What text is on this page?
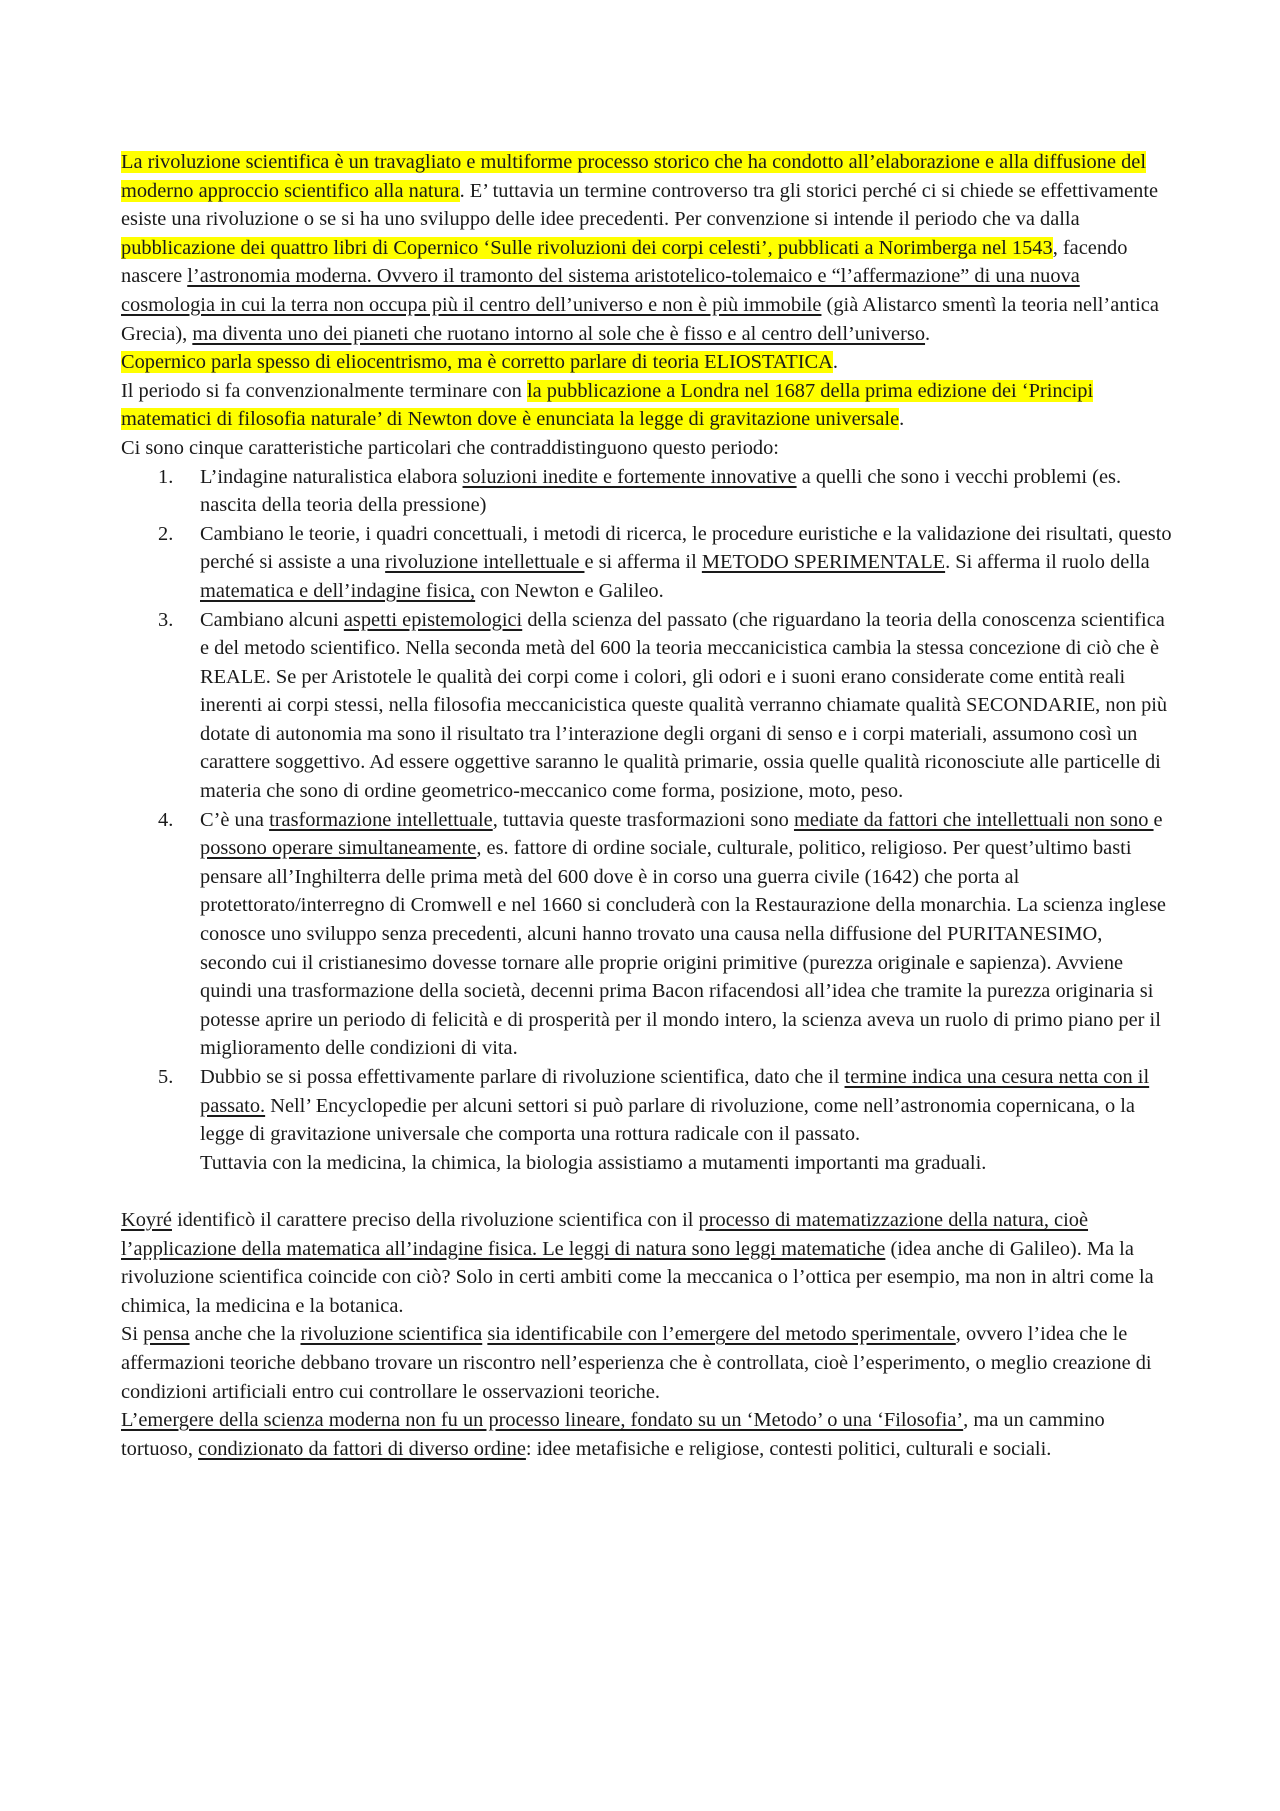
La rivoluzione scientifica è un travagliato e multiforme processo storico che ha condotto all’elaborazione e alla diffusione del moderno approccio scientifico alla natura. E’ tuttavia un termine controverso tra gli storici perché ci si chiede se effettivamente esiste una rivoluzione o se si ha uno sviluppo delle idee precedenti. Per convenzione si intende il periodo che va dalla pubblicazione dei quattro libri di Copernico ‘Sulle rivoluzioni dei corpi celesti’, pubblicati a Norimberga nel 1543, facendo nascere l’astronomia moderna. Ovvero il tramonto del sistema aristotelico-tolemaico e “l’affermazione” di una nuova cosmologia in cui la terra non occupa più il centro dell’universo e non è più immobile (già Alistarco smentì la teoria nell’antica Grecia), ma diventa uno dei pianeti che ruotano intorno al sole che è fisso e al centro dell’universo.

Copernico parla spesso di eliocentrismo, ma è corretto parlare di teoria ELIOSTATICA.

Il periodo si fa convenzionalmente terminare con la pubblicazione a Londra nel 1687 della prima edizione dei ‘Principi matematici di filosofia naturale’ di Newton dove è enunciata la legge di gravitazione universale.

Ci sono cinque caratteristiche particolari che contraddistinguono questo periodo:

1. L’indagine naturalistica elabora soluzioni inedite e fortemente innovative a quelli che sono i vecchi problemi (es. nascita della teoria della pressione)
2. Cambiano le teorie, i quadri concettuali, i metodi di ricerca, le procedure euristiche e la validazione dei risultati, questo perché si assiste a una rivoluzione intellettuale e si afferma il METODO SPERIMENTALE. Si afferma il ruolo della matematica e dell’indagine fisica, con Newton e Galileo.
3. Cambiano alcuni aspetti epistemologici della scienza del passato (che riguardano la teoria della conoscenza scientifica e del metodo scientifico. Nella seconda metà del 600 la teoria meccanicistica cambia la stessa concezione di ciò che è REALE. Se per Aristotele le qualità dei corpi come i colori, gli odori e i suoni erano considerate come entità reali inerenti ai corpi stessi, nella filosofia meccanicistica queste qualità verranno chiamate qualità SECONDARIE, non più dotate di autonomia ma sono il risultato tra l’interazione degli organi di senso e i corpi materiali, assumono così un carattere soggettivo. Ad essere oggettive saranno le qualità primarie, ossia quelle qualità riconosciute alle particelle di materia che sono di ordine geometrico-meccanico come forma, posizione, moto, peso.
4. C’è una trasformazione intellettuale, tuttavia queste trasformazioni sono mediate da fattori che intellettuali non sono e possono operare simultaneamente, es. fattore di ordine sociale, culturale, politico, religioso. Per quest’ultimo basti pensare all’Inghilterra delle prima metà del 600 dove è in corso una guerra civile (1642) che porta al protettorato/interregno di Cromwell e nel 1660 si concluderà con la Restaurazione della monarchia. La scienza inglese conosce uno sviluppo senza precedenti, alcuni hanno trovato una causa nella diffusione del PURITANESIMO, secondo cui il cristianesimo dovesse tornare alle proprie origini primitive (purezza originale e sapienza). Avviene quindi una trasformazione della società, decenni prima Bacon rifacendosi all’idea che tramite la purezza originaria si potesse aprire un periodo di felicità e di prosperità per il mondo intero, la scienza aveva un ruolo di primo piano per il miglioramento delle condizioni di vita.
5. Dubbio se si possa effettivamente parlare di rivoluzione scientifica, dato che il termine indica una cesura netta con il passato. Nell’ Encyclopedie per alcuni settori si può parlare di rivoluzione, come nell’astronomia copernicana, o la legge di gravitazione universale che comporta una rottura radicale con il passato.
Tuttavia con la medicina, la chimica, la biologia assistiamo a mutamenti importanti ma graduali.

Koyré identificò il carattere preciso della rivoluzione scientifica con il processo di matematizzazione della natura, cioè l’applicazione della matematica all’indagine fisica. Le leggi di natura sono leggi matematiche (idea anche di Galileo). Ma la rivoluzione scientifica coincide con ciò? Solo in certi ambiti come la meccanica o l’ottica per esempio, ma non in altri come la chimica, la medicina e la botanica.

Si pensa anche che la rivoluzione scientifica sia identificabile con l’emergere del metodo sperimentale, ovvero l’idea che le affermazioni teoriche debbano trovare un riscontro nell’esperienza che è controllata, cioè l’esperimento, o meglio creazione di condizioni artificiali entro cui controllare le osservazioni teoriche.

L’emergere della scienza moderna non fu un processo lineare, fondato su un ‘Metodo’ o una ‘Filosofia’, ma un cammino tortuoso, condizionato da fattori di diverso ordine: idee metafisiche e religiose, contesti politici, culturali e sociali.
